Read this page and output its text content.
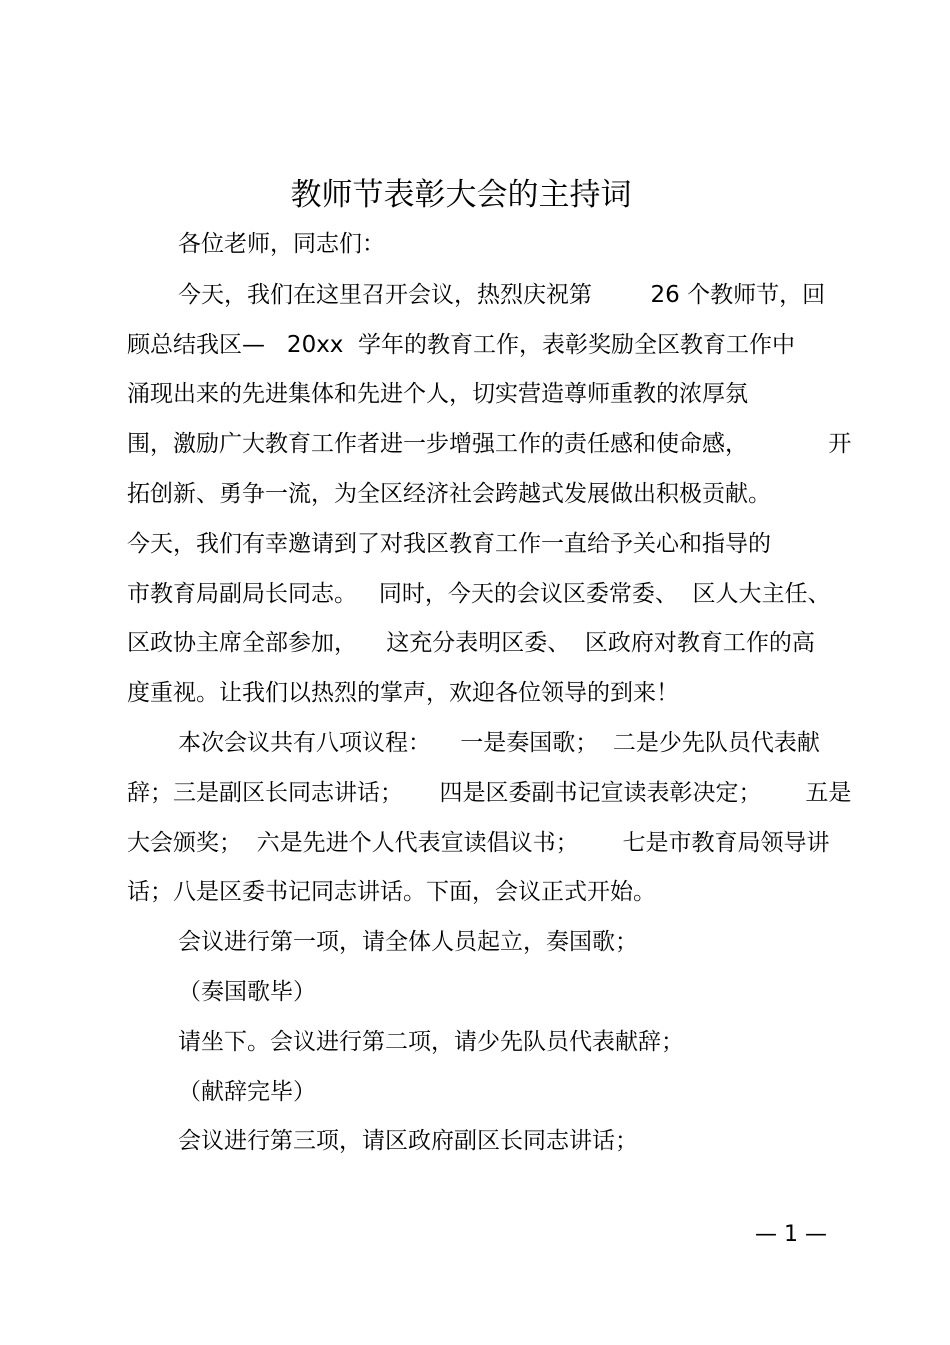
教师节表彰大会的主持词
各位老师，同志们：
今天，我们在这里召开会议，热烈庆祝第        26 个教师节，回
顾总结我区—   20xx  学年的教育工作，表彰奖励全区教育工作中
涌现出来的先进集体和先进个人，切实营造尊师重教的浓厚氛
围，激励广大教育工作者进一步增强工作的责任感和使命感，           开
拓创新、勇争一流，为全区经济社会跨越式发展做出积极贡献。
今天，我们有幸邀请到了对我区教育工作一直给予关心和指导的
市教育局副局长同志。   同时，今天的会议区委常委、  区人大主任、
区政协主席全部参加，    这充分表明区委、  区政府对教育工作的高
度重视。让我们以热烈的掌声，欢迎各位领导的到来！
本次会议共有八项议程：    一是奏国歌；  二是少先队员代表献
辞；三是副区长同志讲话；     四是区委副书记宣读表彰决定；      五是
大会颁奖；  六是先进个人代表宣读倡议书；      七是市教育局领导讲
话；八是区委书记同志讲话。下面，会议正式开始。
会议进行第一项，请全体人员起立，奏国歌；
（奏国歌毕）
请坐下。会议进行第二项，请少先队员代表献辞；
（献辞完毕）
会议进行第三项，请区政府副区长同志讲话；
— 1 —
